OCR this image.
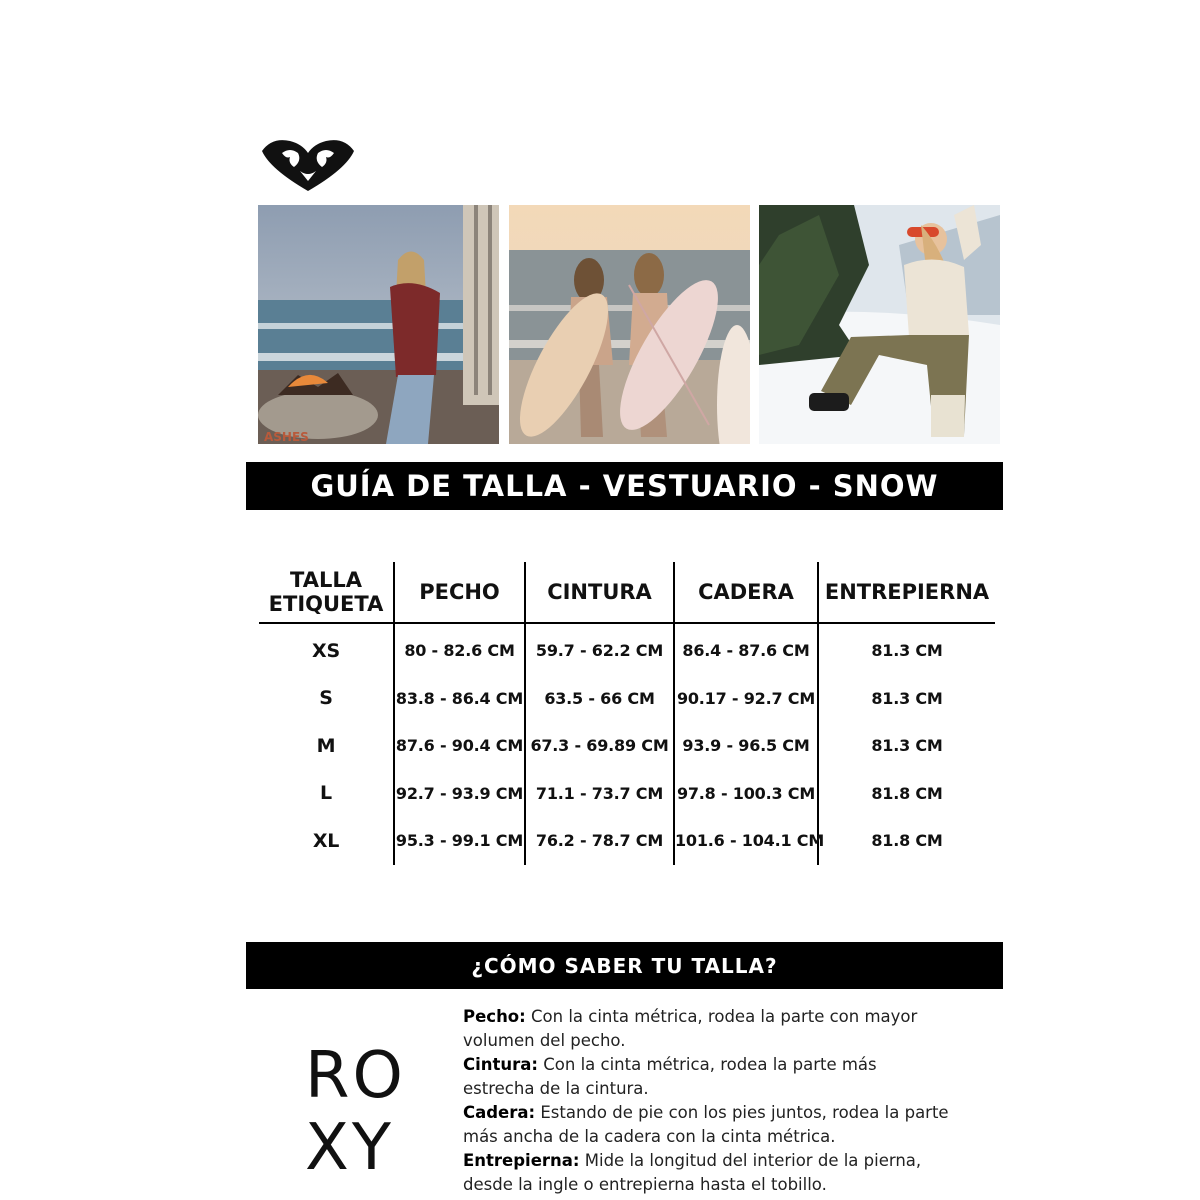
ASHES
GUÍA DE TALLA - VESTUARIO - SNOW
TALLA
ETIQUETA	PECHO	CINTURA	CADERA	ENTREPIERNA
XS	80 - 82.6 CM	59.7 - 62.2 CM	86.4 - 87.6 CM	81.3 CM
S	83.8 - 86.4 CM	63.5 - 66 CM	90.17 - 92.7 CM	81.3 CM
M	87.6 - 90.4 CM	67.3 - 69.89 CM	93.9 - 96.5 CM	81.3 CM
L	92.7 - 93.9 CM	71.1 - 73.7 CM	97.8 - 100.3 CM	81.8 CM
XL	95.3 - 99.1 CM	76.2 - 78.7 CM	101.6 - 104.1 CM	81.8 CM
¿CÓMO SABER TU TALLA?
RO
XY

Pecho: Con la cinta métrica, rodea la parte con mayor volumen del pecho.

Cintura: Con la cinta métrica, rodea la parte más estrecha de la cintura.

Cadera: Estando de pie con los pies juntos, rodea la parte más ancha de la cadera con la cinta métrica.

Entrepierna: Mide la longitud del interior de la pierna, desde la ingle o entrepierna hasta el tobillo.
